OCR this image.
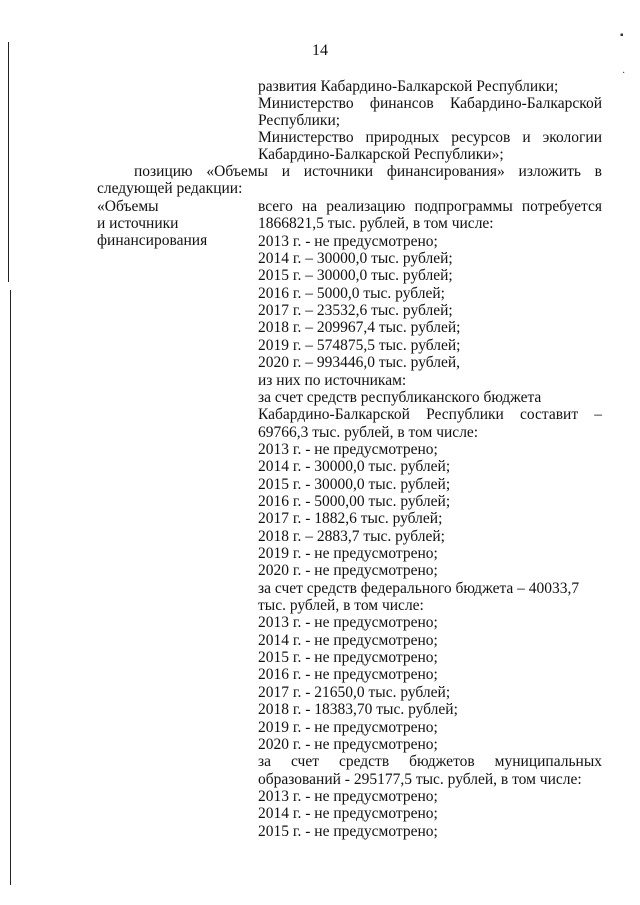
▪
·
14
развития Кабардино-Балкарской Республики;
Министерство финансов Кабардино-Балкарской
Республики;
Министерство природных ресурсов и экологии
Кабардино-Балкарской Республики»;
позицию «Объемы и источники финансирования» изложить в
следующей редакции:
«Объемы
и источники
финансирования
всего на реализацию подпрограммы потребуется
1866821,5 тыс. рублей, в том числе:
2013 г. - не предусмотрено;
2014 г. – 30000,0 тыс. рублей;
2015 г. – 30000,0 тыс. рублей;
2016 г. – 5000,0 тыс. рублей;
2017 г. – 23532,6 тыс. рублей;
2018 г. – 209967,4 тыс. рублей;
2019 г. – 574875,5 тыс. рублей;
2020 г. – 993446,0 тыс. рублей,
из них по источникам:
за счет средств республиканского бюджета
Кабардино-Балкарской Республики составит –
69766,3 тыс. рублей, в том числе:
2013 г. - не предусмотрено;
2014 г. - 30000,0 тыс. рублей;
2015 г. - 30000,0 тыс. рублей;
2016 г. - 5000,00 тыс. рублей;
2017 г. - 1882,6 тыс. рублей;
2018 г. – 2883,7 тыс. рублей;
2019 г. - не предусмотрено;
2020 г. - не предусмотрено;
за счет средств федерального бюджета – 40033,7
тыс. рублей, в том числе:
2013 г. - не предусмотрено;
2014 г. - не предусмотрено;
2015 г. - не предусмотрено;
2016 г. - не предусмотрено;
2017 г. - 21650,0 тыс. рублей;
2018 г. - 18383,70 тыс. рублей;
2019 г. - не предусмотрено;
2020 г. - не предусмотрено;
за счет средств бюджетов муниципальных
образований - 295177,5 тыс. рублей, в том числе:
2013 г. - не предусмотрено;
2014 г. - не предусмотрено;
2015 г. - не предусмотрено;
